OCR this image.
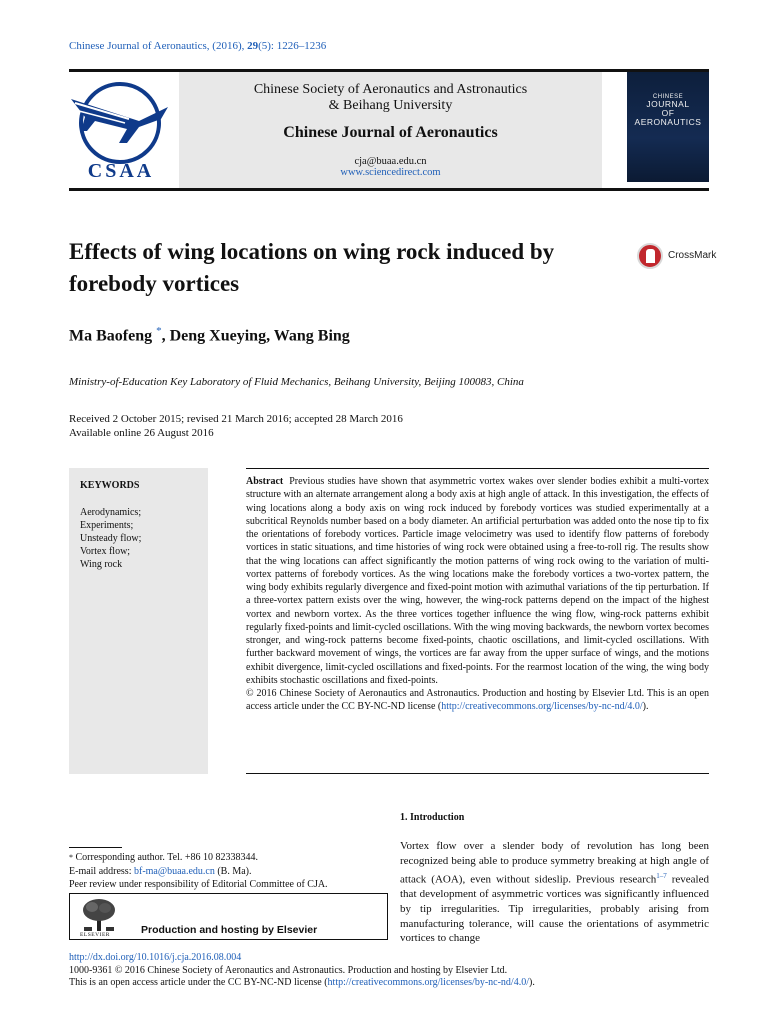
Chinese Journal of Aeronautics, (2016), 29(5): 1226–1236
CSAA
Chinese Society of Aeronautics and Astronautics
& Beihang University
Chinese Journal of Aeronautics
cja@buaa.edu.cn
www.sciencedirect.com
CHINESE
JOURNAL
OF
AERONAUTICS
Effects of wing locations on wing rock induced by forebody vortices
CrossMark
Ma Baofeng *, Deng Xueying, Wang Bing
Ministry-of-Education Key Laboratory of Fluid Mechanics, Beihang University, Beijing 100083, China
Received 2 October 2015; revised 21 March 2016; accepted 28 March 2016
Available online 26 August 2016
KEYWORDS
Aerodynamics;
Experiments;
Unsteady flow;
Vortex flow;
Wing rock
Abstract Previous studies have shown that asymmetric vortex wakes over slender bodies exhibit a multi-vortex structure with an alternate arrangement along a body axis at high angle of attack. In this investigation, the effects of wing locations along a body axis on wing rock induced by forebody vortices was studied experimentally at a subcritical Reynolds number based on a body diameter. An artificial perturbation was added onto the nose tip to fix the orientations of forebody vortices. Particle image velocimetry was used to identify flow patterns of forebody vortices in static situations, and time histories of wing rock were obtained using a free-to-roll rig. The results show that the wing locations can affect significantly the motion patterns of wing rock owing to the variation of multi-vortex patterns of forebody vortices. As the wing locations make the forebody vortices a two-vortex pattern, the wing body exhibits regularly divergence and fixed-point motion with azimuthal variations of the tip perturbation. If a three-vortex pattern exists over the wing, however, the wing-rock patterns depend on the impact of the highest vortex and newborn vortex. As the three vortices together influence the wing flow, wing-rock patterns exhibit regularly fixed-points and limit-cycled oscillations. With the wing moving backwards, the newborn vortex becomes stronger, and wing-rock patterns become fixed-points, chaotic oscillations, and limit-cycled oscillations. With further backward movement of wings, the vortices are far away from the upper surface of wings, and the motions exhibit divergence, limit-cycled oscillations and fixed-points. For the rearmost location of the wing, the wing body exhibits stochastic oscillations and fixed-points.
© 2016 Chinese Society of Aeronautics and Astronautics. Production and hosting by Elsevier Ltd. This is an open access article under the CC BY-NC-ND license (http://creativecommons.org/licenses/by-nc-nd/4.0/).
1. Introduction
Vortex flow over a slender body of revolution has long been recognized being able to produce symmetry breaking at high angle of attack (AOA), even without sideslip. Previous research$^{1-7}$ revealed that development of asymmetric vortices was significantly influenced by tip irregularities. Tip irregularities, probably arising from manufacturing tolerance, will cause the orientations of asymmetric vortices to change
* Corresponding author. Tel. +86 10 82338344.
E-mail address: bf-ma@buaa.edu.cn (B. Ma).
Peer review under responsibility of Editorial Committee of CJA.
ELSEVIER	Production and hosting by Elsevier
http://dx.doi.org/10.1016/j.cja.2016.08.004
1000-9361 © 2016 Chinese Society of Aeronautics and Astronautics. Production and hosting by Elsevier Ltd.
This is an open access article under the CC BY-NC-ND license (http://creativecommons.org/licenses/by-nc-nd/4.0/).
